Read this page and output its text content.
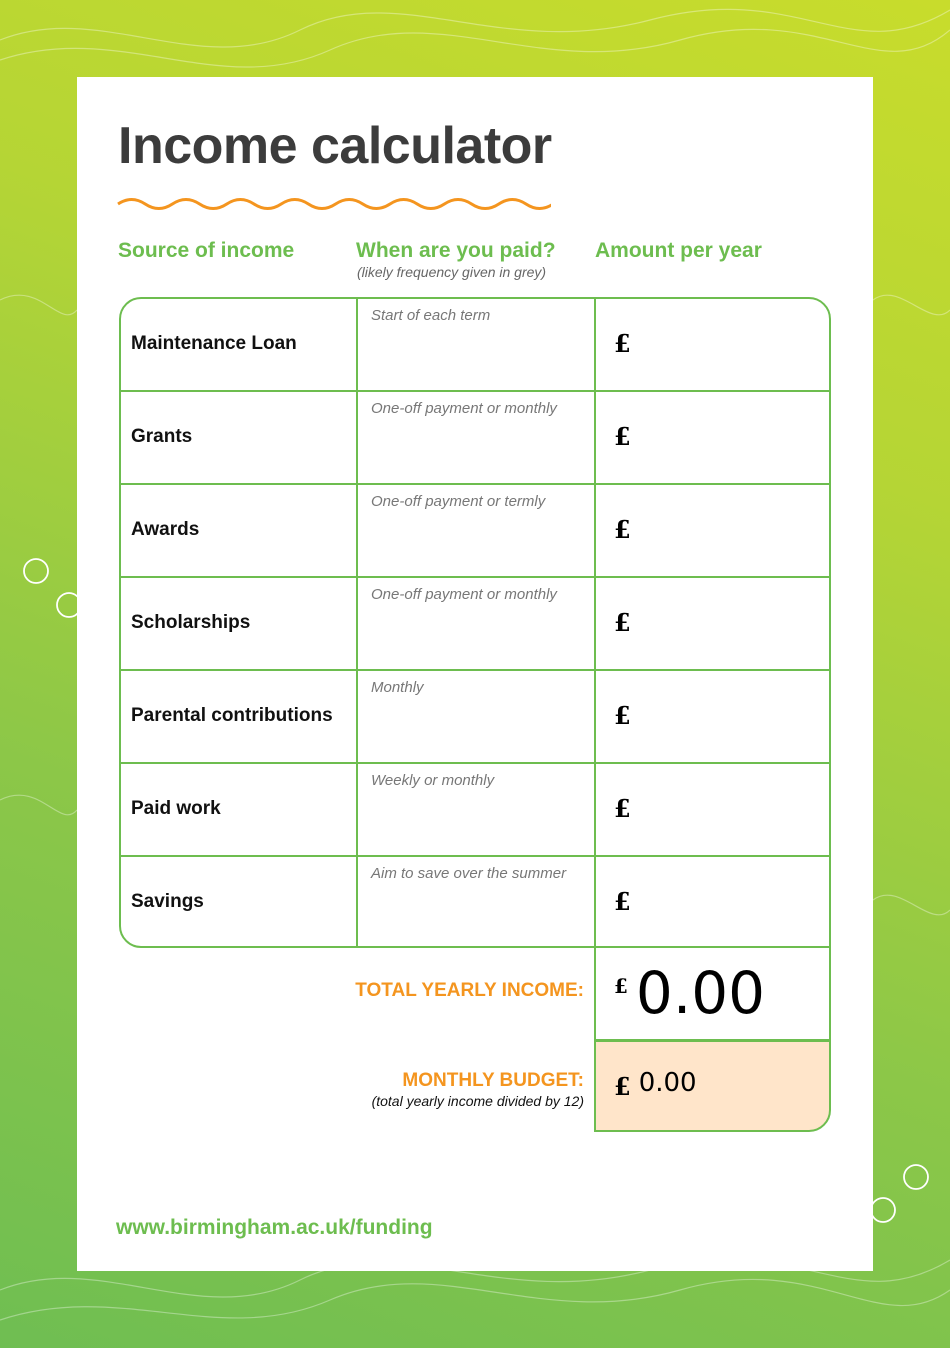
Income calculator
Source of income	When are you paid?
(likely frequency given in grey)
Amount per year
Maintenance Loan
Start of each term
£
Grants
One-off payment or monthly
£
Awards
One-off payment or termly
£
Scholarships
One-off payment or monthly
£
Parental contributions
Monthly
£
Paid work
Weekly or monthly
£
Savings
Aim to save over the summer
£
TOTAL YEARLY INCOME: £ 0.00
MONTHLY BUDGET:
(total yearly income divided by 12)
£ 0.00
www.birmingham.ac.uk/funding
